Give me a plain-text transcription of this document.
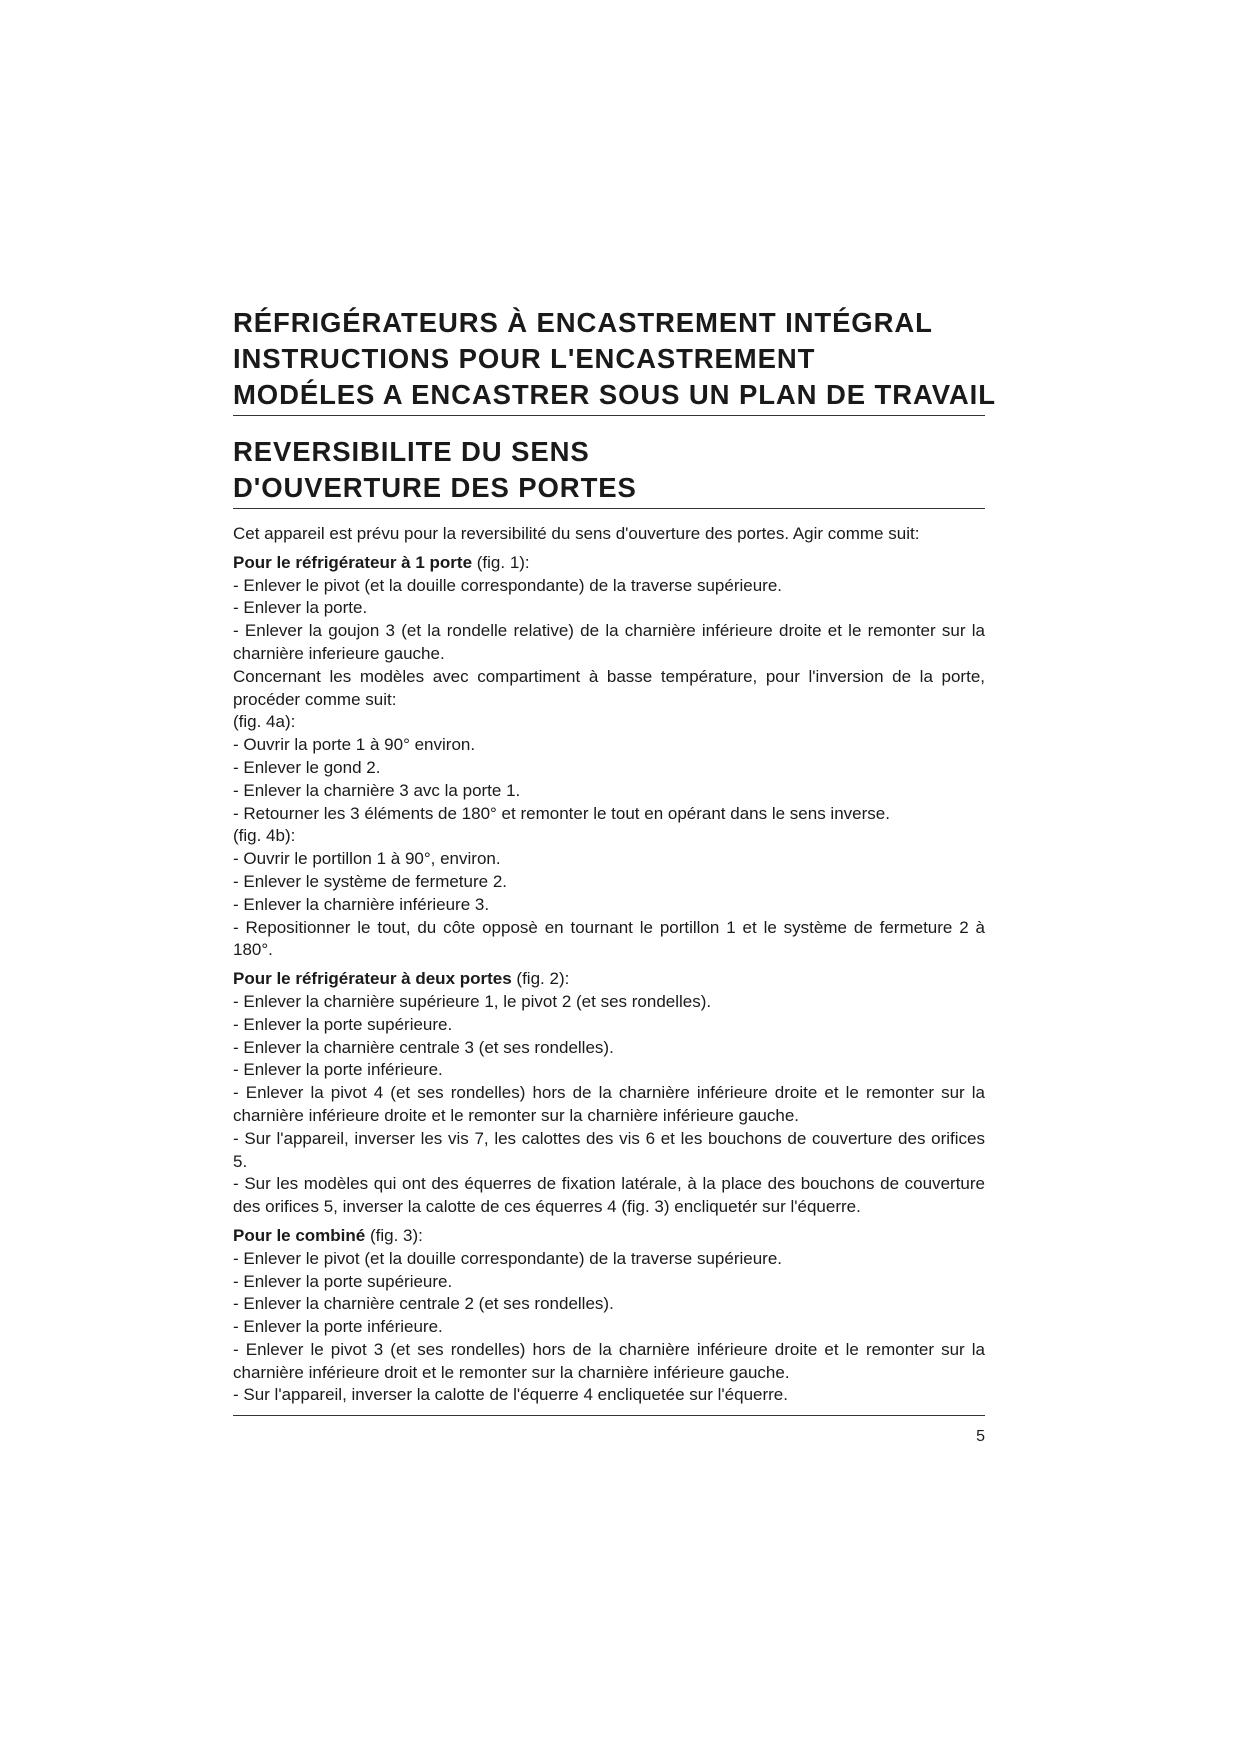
RÉFRIGÉRATEURS À ENCASTREMENT INTÉGRAL
INSTRUCTIONS POUR L'ENCASTREMENT
MODÉLES A ENCASTRER SOUS UN PLAN DE TRAVAIL
REVERSIBILITE DU SENS
D'OUVERTURE DES PORTES

Cet appareil est prévu pour la reversibilité du sens d'ouverture des portes. Agir comme suit:

Pour le réfrigérateur à 1 porte (fig. 1):

- Enlever le pivot (et la douille correspondante) de la traverse supérieure.

- Enlever la porte.

- Enlever la goujon 3 (et la rondelle relative) de la charnière inférieure droite et le remonter sur la charnière inferieure gauche.

Concernant les modèles avec compartiment à basse température, pour l'inversion de la porte, procéder comme suit:

(fig. 4a):

- Ouvrir la porte 1 à 90° environ.

- Enlever le gond 2.

- Enlever la charnière 3 avc la porte 1.

- Retourner les 3 éléments de 180° et remonter le tout en opérant dans le sens inverse.

(fig. 4b):

- Ouvrir le portillon 1 à 90°, environ.

- Enlever le système de fermeture 2.

- Enlever la charnière inférieure 3.

- Repositionner le tout, du côte opposè en tournant le portillon 1 et le système de fermeture 2 à 180°.

Pour le réfrigérateur à deux portes (fig. 2):

- Enlever la charnière supérieure 1, le pivot 2 (et ses rondelles).

- Enlever la porte supérieure.

- Enlever la charnière centrale 3 (et ses rondelles).

- Enlever la porte inférieure.

- Enlever la pivot 4 (et ses rondelles) hors de la charnière inférieure droite et le remonter sur la charnière inférieure droite et le remonter sur la charnière inférieure gauche.

- Sur l'appareil, inverser les vis 7, les calottes des vis 6 et les bouchons de couverture des orifices 5.

- Sur les modèles qui ont des équerres de fixation latérale, à la place des bouchons de couverture des orifices 5, inverser la calotte de ces équerres 4 (fig. 3) encliquetér sur l'équerre.

Pour le combiné (fig. 3):

- Enlever le pivot (et la douille correspondante) de la traverse supérieure.

- Enlever la porte supérieure.

- Enlever la charnière centrale 2 (et ses rondelles).

- Enlever la porte inférieure.

- Enlever le pivot 3 (et ses rondelles) hors de la charnière inférieure droite et le remonter sur la charnière inférieure droit et le remonter sur la charnière inférieure gauche.

- Sur l'appareil, inverser la calotte de l'équerre 4 encliquetée sur l'équerre.

5
